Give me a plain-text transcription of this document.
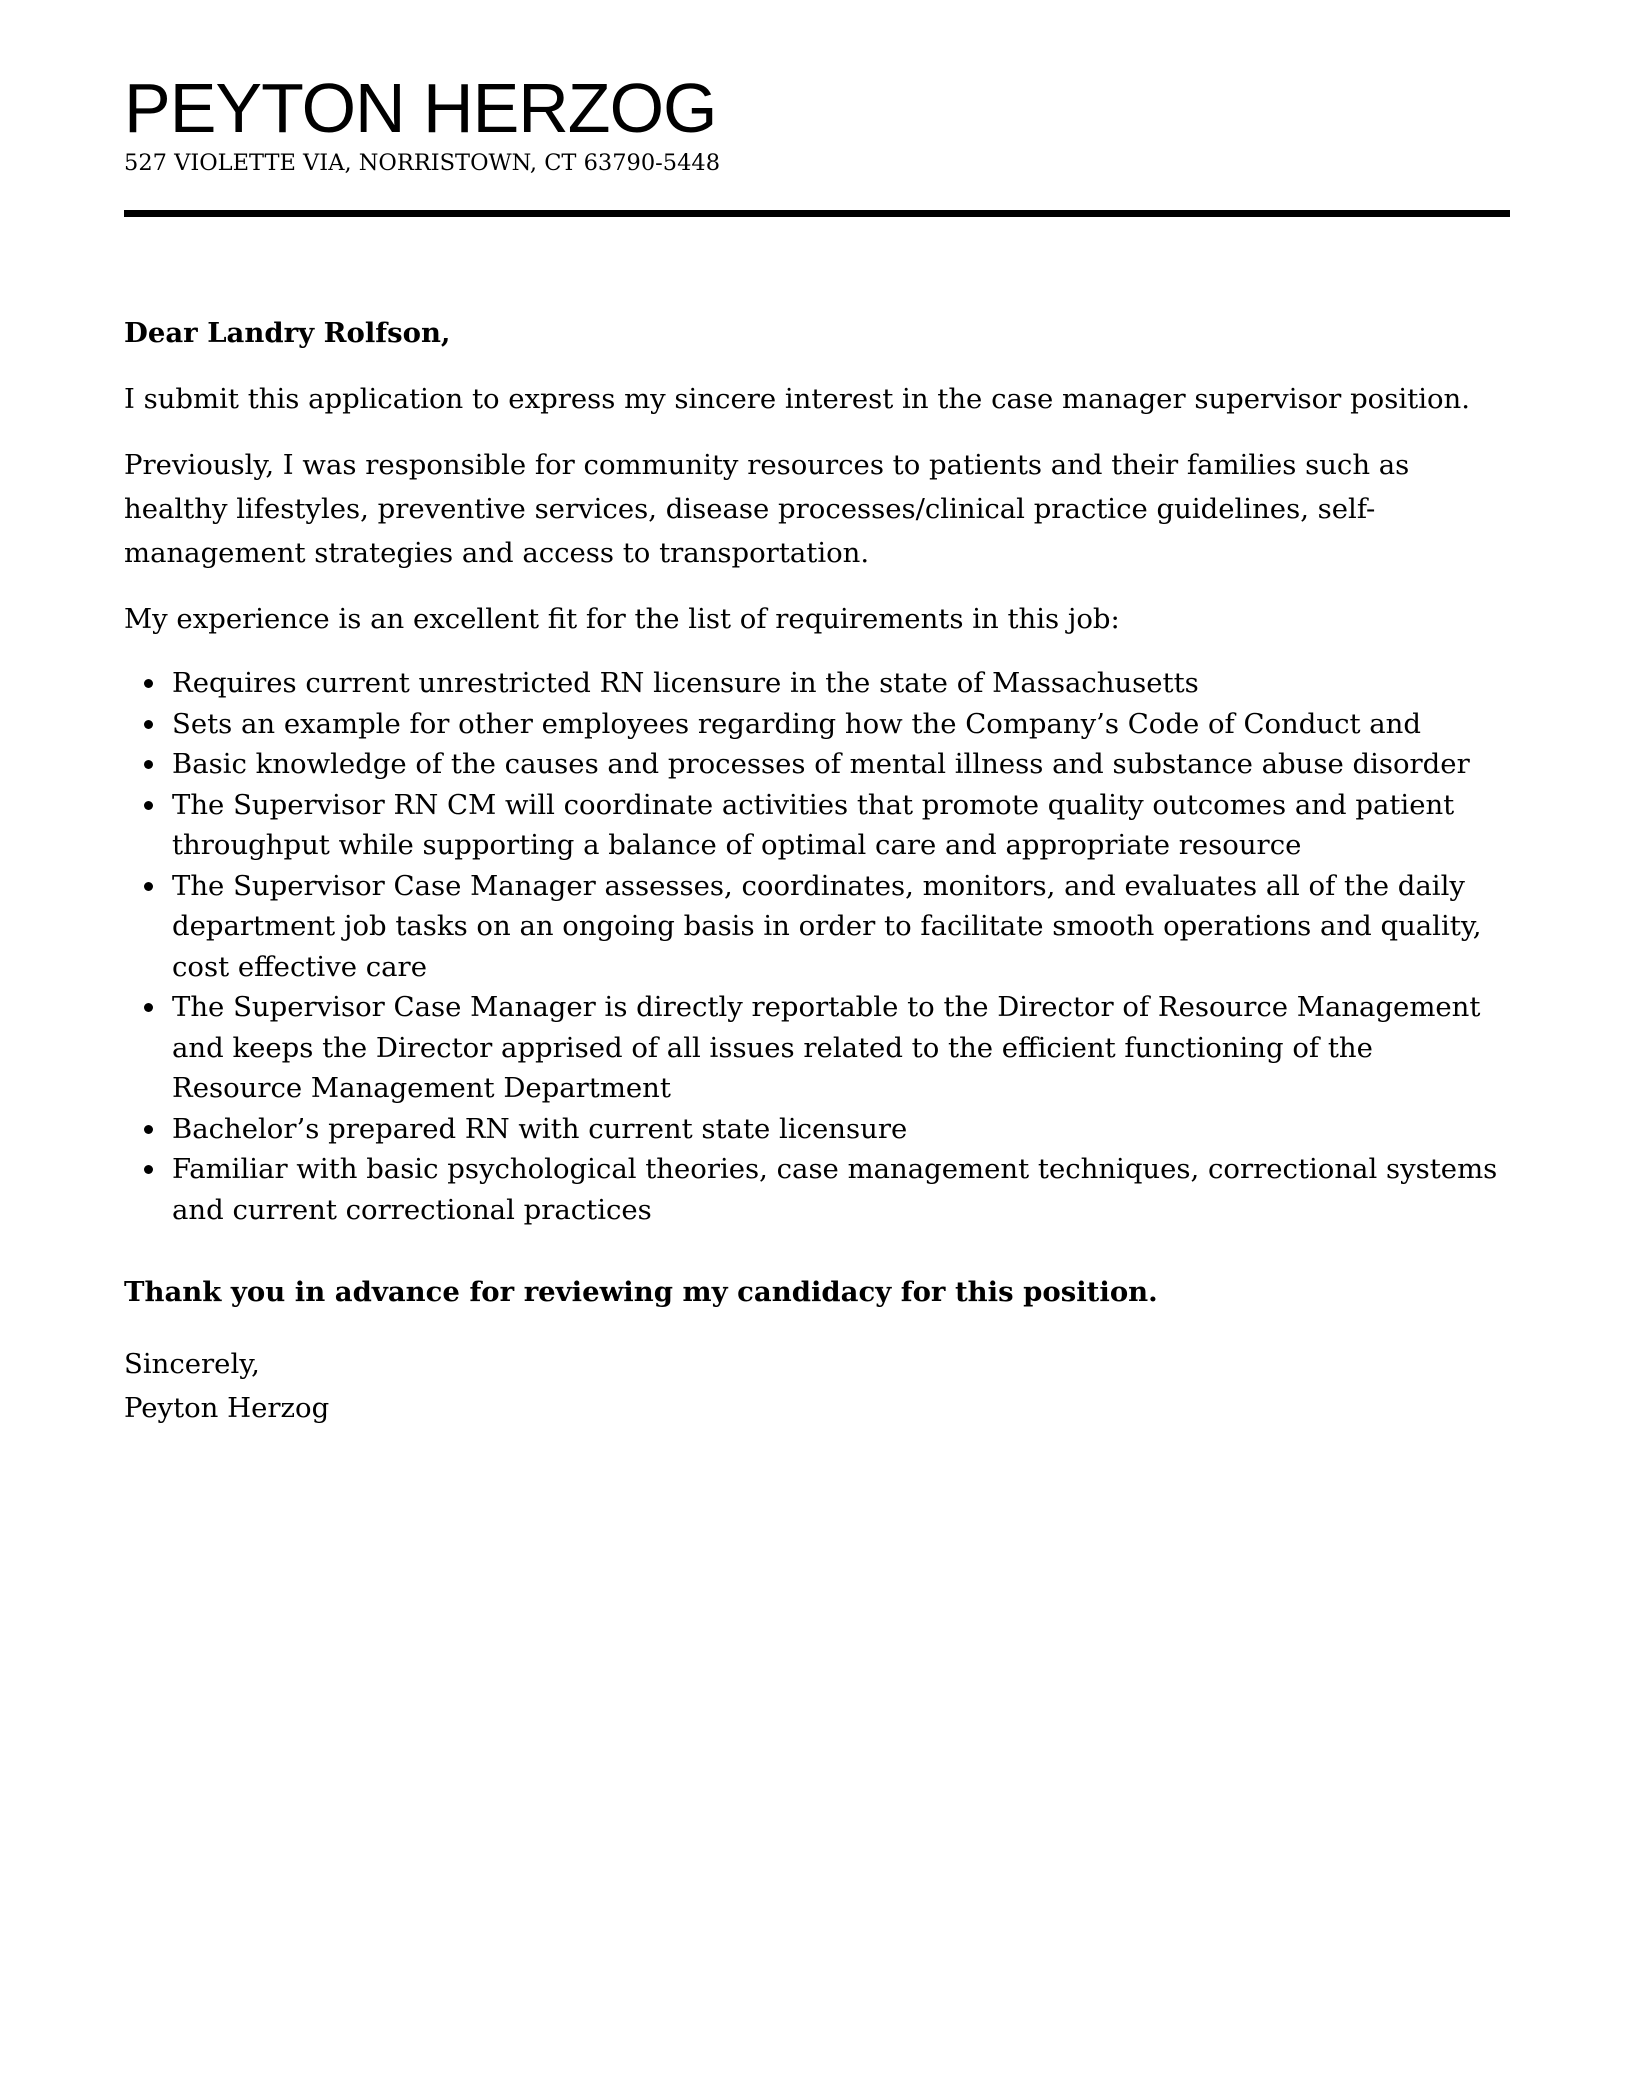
PEYTON HERZOG
527 VIOLETTE VIA, NORRISTOWN, CT 63790-5448

Dear Landry Rolfson,

I submit this application to express my sincere interest in the case manager supervisor position.

Previously, I was responsible for community resources to patients and their families such as healthy lifestyles, preventive services, disease processes/clinical practice guidelines, self-management strategies and access to transportation.

My experience is an excellent fit for the list of requirements in this job:

Requires current unrestricted RN licensure in the state of Massachusetts
Sets an example for other employees regarding how the Company’s Code of Conduct and
Basic knowledge of the causes and processes of mental illness and substance abuse disorder
The Supervisor RN CM will coordinate activities that promote quality outcomes and patient throughput while supporting a balance of optimal care and appropriate resource
The Supervisor Case Manager assesses, coordinates, monitors, and evaluates all of the daily department job tasks on an ongoing basis in order to facilitate smooth operations and quality, cost effective care
The Supervisor Case Manager is directly reportable to the Director of Resource Management and keeps the Director apprised of all issues related to the efficient functioning of the Resource Management Department
Bachelor’s prepared RN with current state licensure
Familiar with basic psychological theories, case management techniques, correctional systems and current correctional practices

Thank you in advance for reviewing my candidacy for this position.

Sincerely,

Peyton Herzog
